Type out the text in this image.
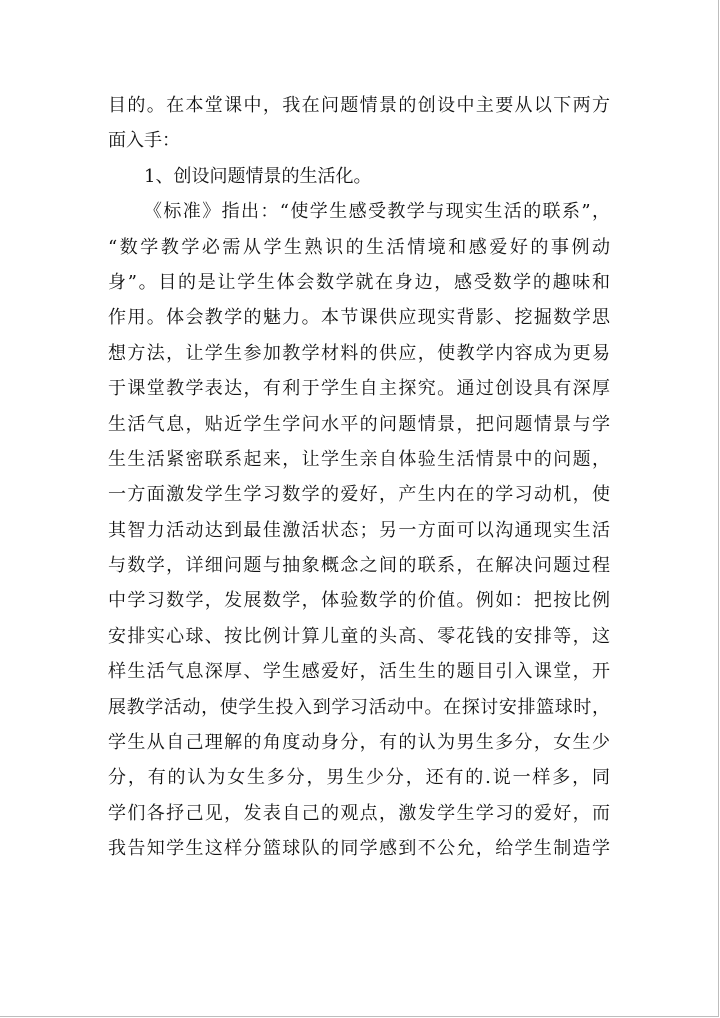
目的。在本堂课中，我在问题情景的创设中主要从以下两方
面入手：
1、创设问题情景的生活化。
《标准》指出：“使学生感受教学与现实生活的联系”，
“数学教学必需从学生熟识的生活情境和感爱好的事例动
身”。目的是让学生体会数学就在身边，感受数学的趣味和
作用。体会教学的魅力。本节课供应现实背影、挖掘数学思
想方法，让学生参加教学材料的供应，使教学内容成为更易
于课堂教学表达，有利于学生自主探究。通过创设具有深厚
生活气息，贴近学生学问水平的问题情景，把问题情景与学
生生活紧密联系起来，让学生亲自体验生活情景中的问题，
一方面激发学生学习数学的爱好，产生内在的学习动机，使
其智力活动达到最佳激活状态；另一方面可以沟通现实生活
与数学，详细问题与抽象概念之间的联系，在解决问题过程
中学习数学，发展数学，体验数学的价值。例如：把按比例
安排实心球、按比例计算儿童的头高、零花钱的安排等，这
样生活气息深厚、学生感爱好，活生生的题目引入课堂，开
展教学活动，使学生投入到学习活动中。在探讨安排篮球时，
学生从自己理解的角度动身分，有的认为男生多分，女生少
分，有的认为女生多分，男生少分，还有的.说一样多，同
学们各抒己见，发表自己的观点，激发学生学习的爱好，而
我告知学生这样分篮球队的同学感到不公允，给学生制造学
